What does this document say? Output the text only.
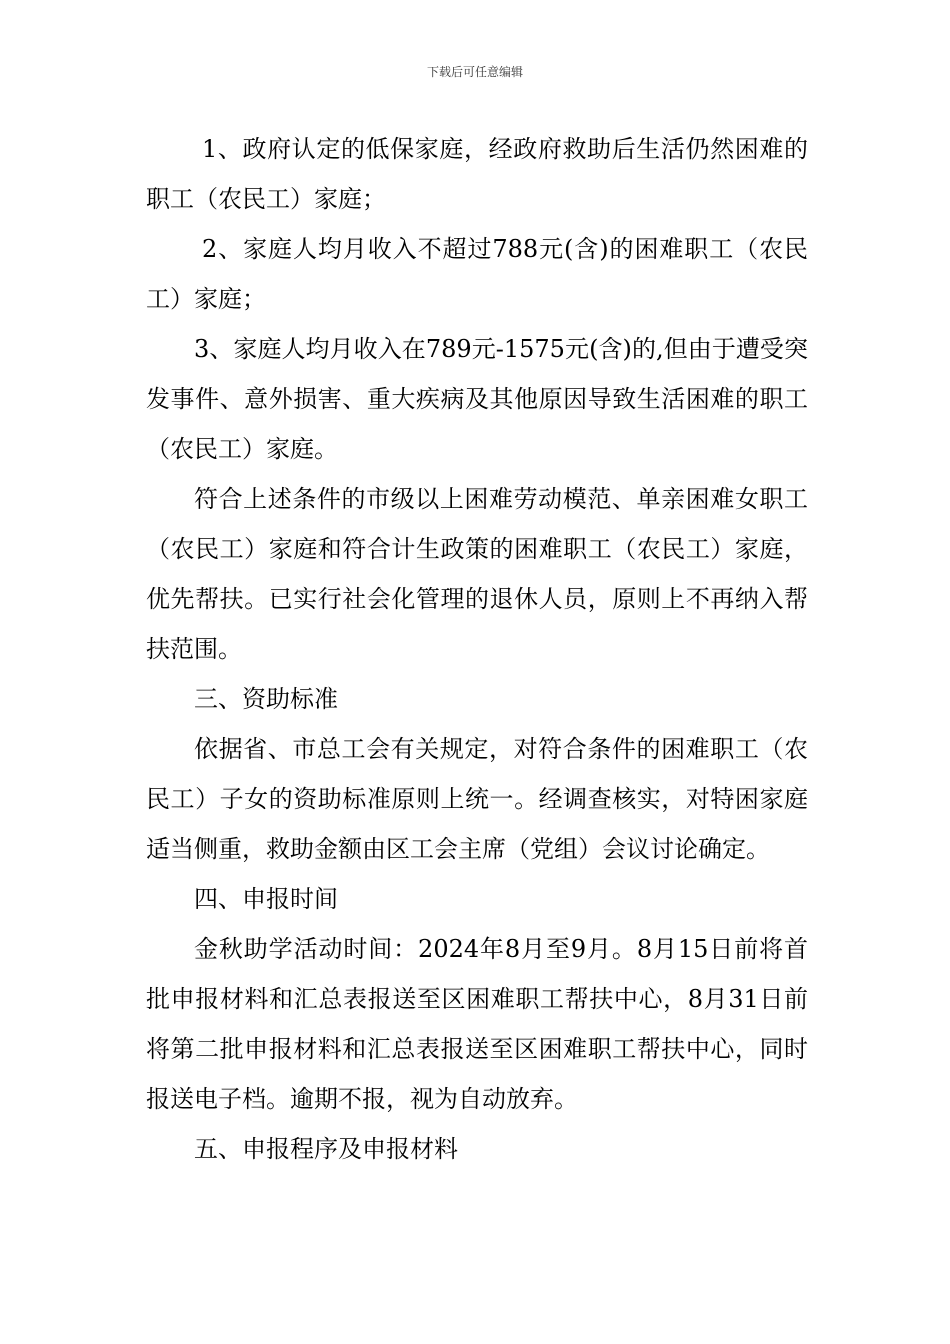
下载后可任意编辑

1、政府认定的低保家庭，经政府救助后生活仍然困难的职工（农民工）家庭；

2、家庭人均月收入不超过788元(含)的困难职工（农民工）家庭；

3、家庭人均月收入在789元-1575元(含)的,但由于遭受突发事件、意外损害、重大疾病及其他原因导致生活困难的职工（农民工）家庭。

符合上述条件的市级以上困难劳动模范、单亲困难女职工（农民工）家庭和符合计生政策的困难职工（农民工）家庭，优先帮扶。已实行社会化管理的退休人员，原则上不再纳入帮扶范围。

三、资助标准

依据省、市总工会有关规定，对符合条件的困难职工（农民工）子女的资助标准原则上统一。经调查核实，对特困家庭适当侧重，救助金额由区工会主席（党组）会议讨论确定。

四、申报时间

金秋助学活动时间：2024年8月至9月。8月15日前将首批申报材料和汇总表报送至区困难职工帮扶中心，8月31日前将第二批申报材料和汇总表报送至区困难职工帮扶中心，同时报送电子档。逾期不报，视为自动放弃。

五、申报程序及申报材料
